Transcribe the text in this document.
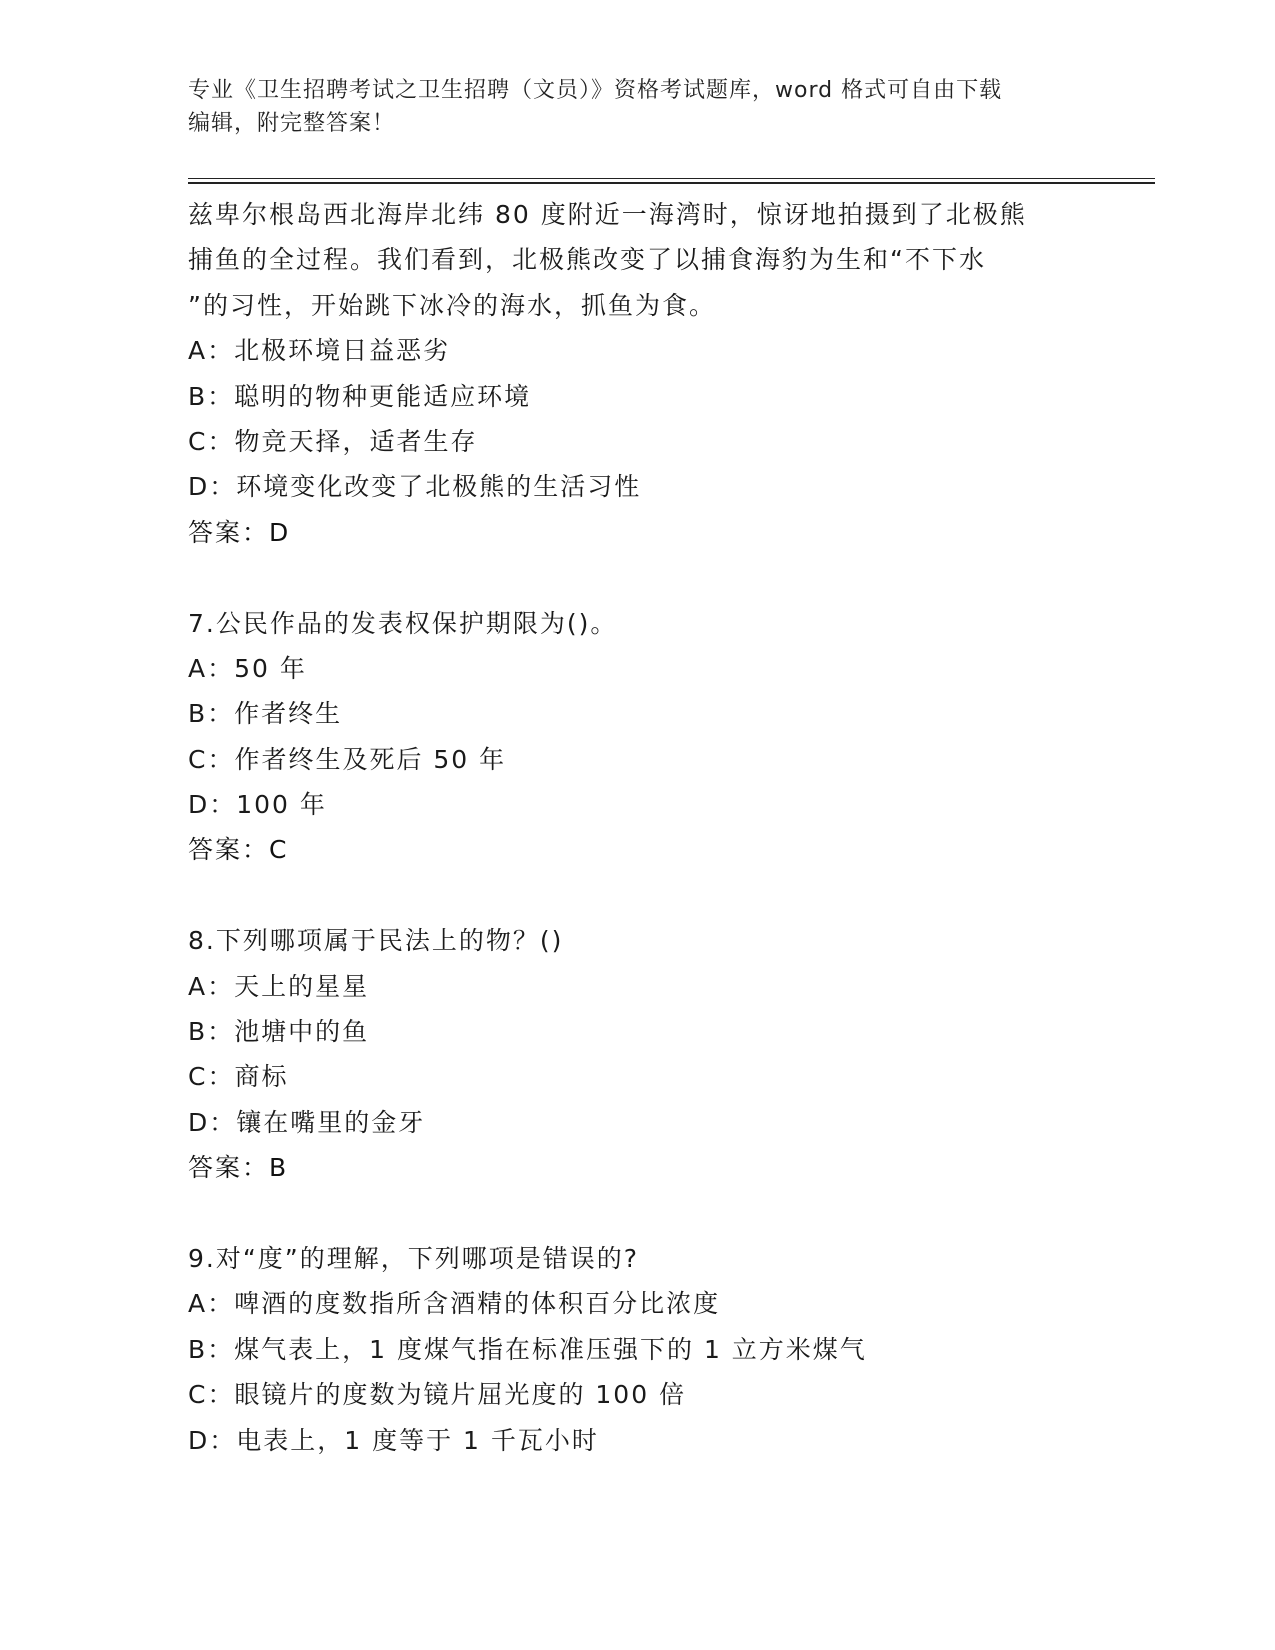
专业《卫生招聘考试之卫生招聘（文员）》资格考试题库，word 格式可自由下载
编辑，附完整答案！
兹卑尔根岛西北海岸北纬 80 度附近一海湾时，惊讶地拍摄到了北极熊
捕鱼的全过程。我们看到，北极熊改变了以捕食海豹为生和“不下水
”的习性，开始跳下冰冷的海水，抓鱼为食。
A：北极环境日益恶劣
B：聪明的物种更能适应环境
C：物竞天择，适者生存
D：环境变化改变了北极熊的生活习性
答案：D
7.公民作品的发表权保护期限为()。
A：50 年
B：作者终生
C：作者终生及死后 50 年
D：100 年
答案：C
8.下列哪项属于民法上的物？()
A：天上的星星
B：池塘中的鱼
C：商标
D：镶在嘴里的金牙
答案：B
9.对“度”的理解，下列哪项是错误的?
A：啤酒的度数指所含酒精的体积百分比浓度
B：煤气表上，1 度煤气指在标准压强下的 1 立方米煤气
C：眼镜片的度数为镜片屈光度的 100 倍
D：电表上，1 度等于 1 千瓦小时
